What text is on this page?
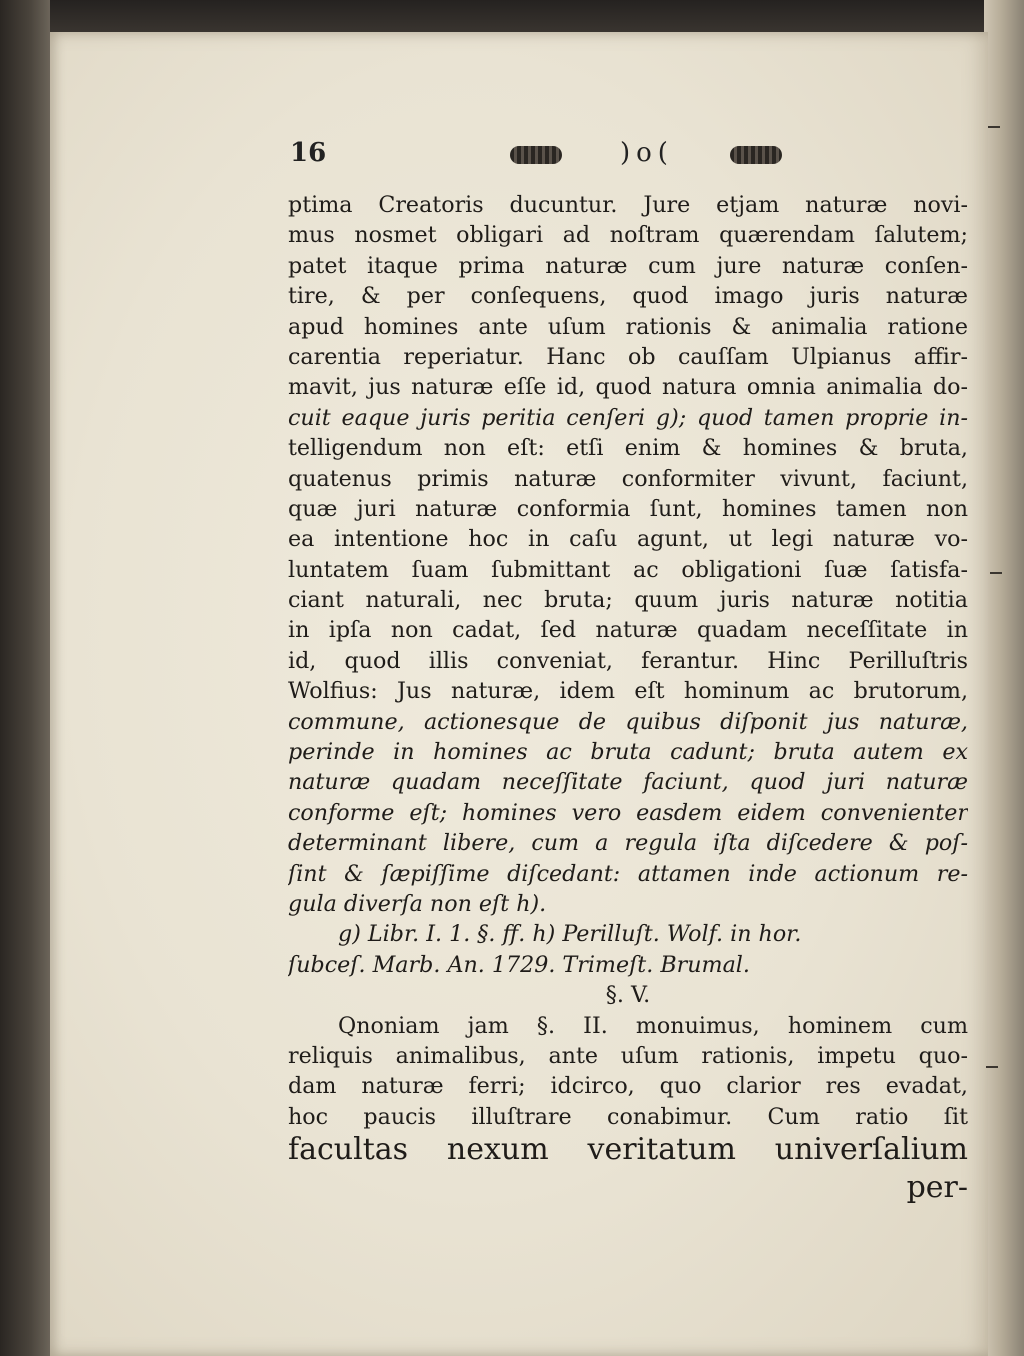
16	)o(
ptima Creatoris ducuntur. Jure etjam naturæ novi-
mus nosmet obligari ad noſtram quærendam ſalutem;
patet itaque prima naturæ cum jure naturæ conſen-
tire, & per conſequens, quod imago juris naturæ
apud homines ante uſum rationis & animalia ratione
carentia reperiatur. Hanc ob cauſſam Ulpianus affir-
mavit, jus naturæ eſſe id, quod natura omnia animalia do-
cuit eaque juris peritia cenſeri g); quod tamen proprie in-
telligendum non eſt: etſi enim & homines & bruta,
quatenus primis naturæ conformiter vivunt, faciunt,
quæ juri naturæ conformia ſunt, homines tamen non
ea intentione hoc in caſu agunt, ut legi naturæ vo-
luntatem ſuam ſubmittant ac obligationi ſuæ ſatisfa-
ciant naturali, nec bruta; quum juris naturæ notitia
in ipſa non cadat, ſed naturæ quadam neceſſitate in
id, quod illis conveniat, ferantur. Hinc Perilluſtris
Wolfius: Jus naturæ, idem eſt hominum ac brutorum,
commune, actionesque de quibus diſponit jus naturæ,
perinde in homines ac bruta cadunt; bruta autem ex
naturæ quadam neceſſitate faciunt, quod juri naturæ
conforme eſt; homines vero easdem eidem convenienter
determinant libere, cum a regula iſta diſcedere & poſ-
ſint & ſæpiſſime diſcedant: attamen inde actionum re-
gula diverſa non eſt h).
g) Libr. I. 1. §. ff. h) Perilluſt. Wolf. in hor.
ſubceſ. Marb. An. 1729. Trimeſt. Brumal.
§. V.
Qnoniam jam §. II. monuimus, hominem cum
reliquis animalibus, ante uſum rationis, impetu quo-
dam naturæ ferri; idcirco, quo clarior res evadat,
hoc paucis illuſtrare conabimur. Cum ratio ſit
facultas nexum veritatum univerſalium
per-
